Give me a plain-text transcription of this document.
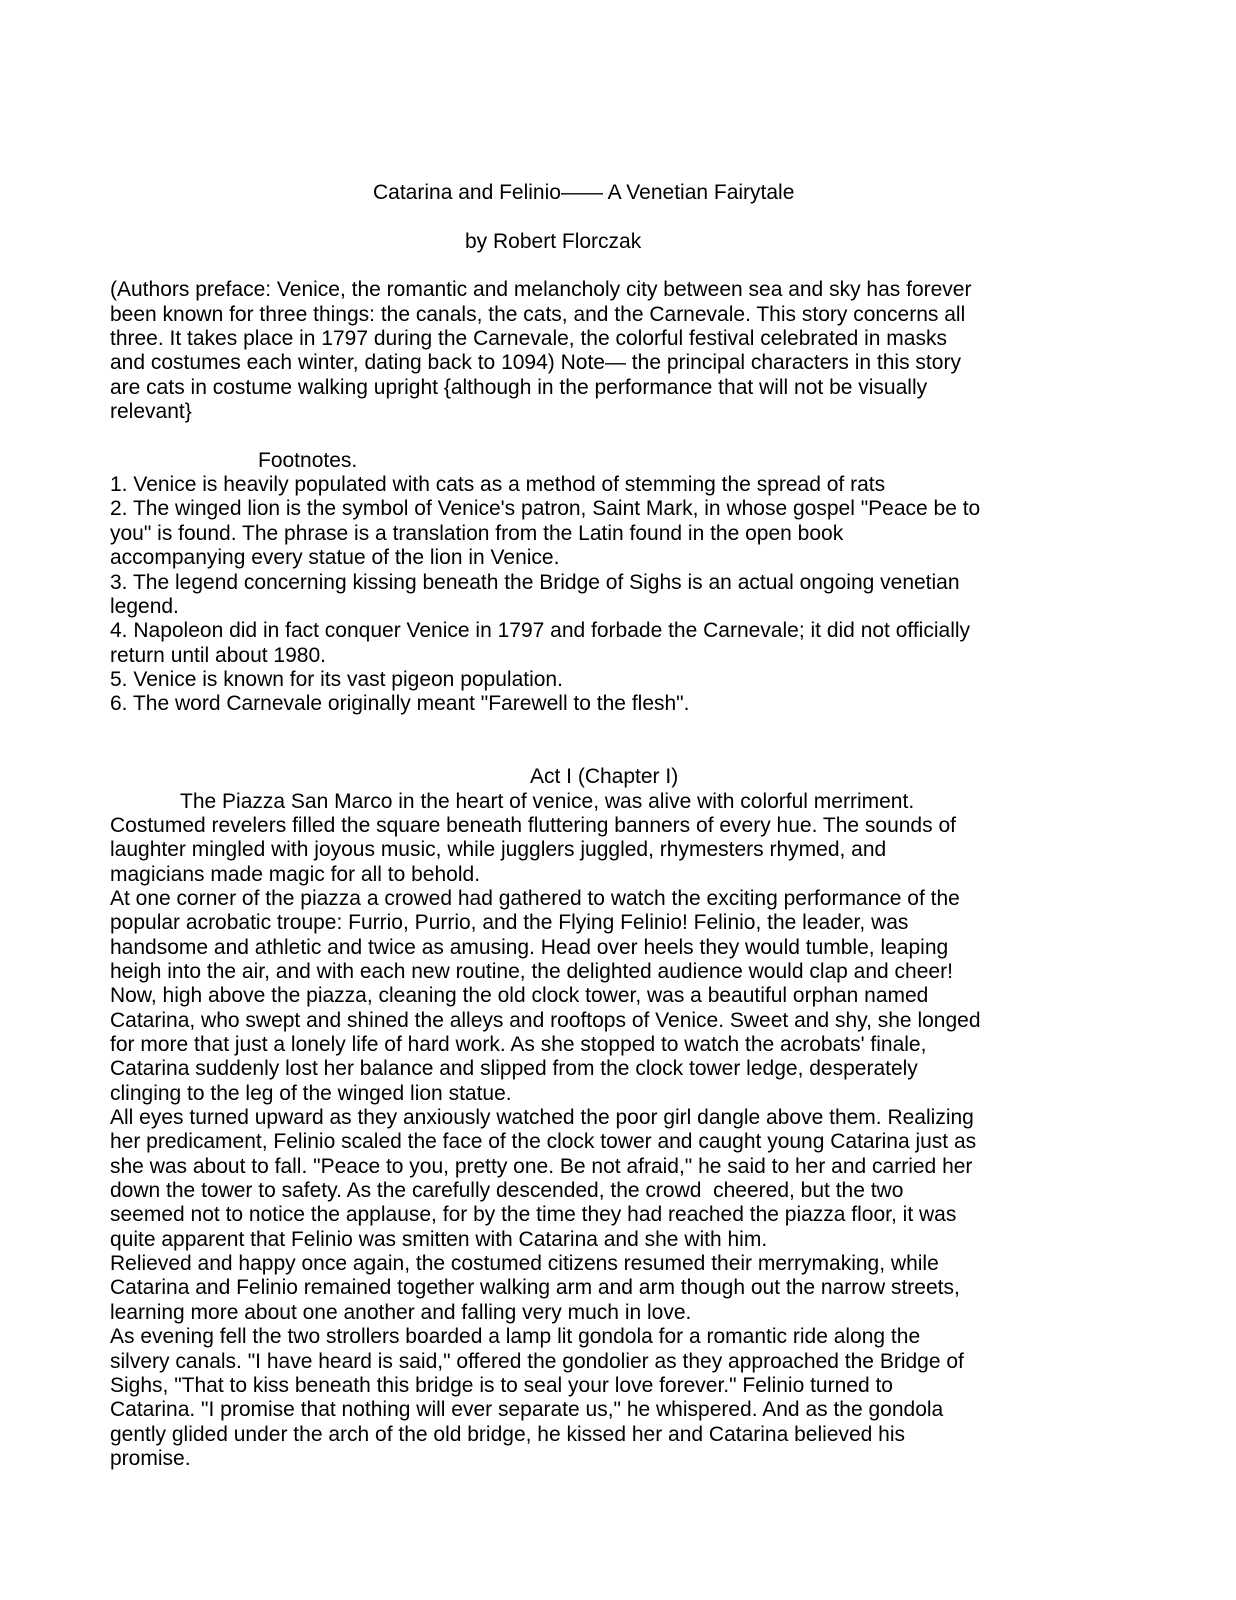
Catarina and Felinio—— A Venetian Fairytale
by Robert Florczak
(Authors preface: Venice, the romantic and melancholy city between sea and sky has forever
been known for three things: the canals, the cats, and the Carnevale. This story concerns all
three. It takes place in 1797 during the Carnevale, the colorful festival celebrated in masks
and costumes each winter, dating back to 1094) Note— the principal characters in this story
are cats in costume walking upright {although in the performance that will not be visually
relevant}
Footnotes.
1. Venice is heavily populated with cats as a method of stemming the spread of rats
2. The winged lion is the symbol of Venice's patron, Saint Mark, in whose gospel "Peace be to
you" is found. The phrase is a translation from the Latin found in the open book
accompanying every statue of the lion in Venice.
3. The legend concerning kissing beneath the Bridge of Sighs is an actual ongoing venetian
legend.
4. Napoleon did in fact conquer Venice in 1797 and forbade the Carnevale; it did not officially
return until about 1980.
5. Venice is known for its vast pigeon population.
6. The word Carnevale originally meant "Farewell to the flesh".
Act I (Chapter I)
The Piazza San Marco in the heart of venice, was alive with colorful merriment.
Costumed revelers filled the square beneath fluttering banners of every hue. The sounds of
laughter mingled with joyous music, while jugglers juggled, rhymesters rhymed, and
magicians made magic for all to behold.
At one corner of the piazza a crowed had gathered to watch the exciting performance of the
popular acrobatic troupe: Furrio, Purrio, and the Flying Felinio! Felinio, the leader, was
handsome and athletic and twice as amusing. Head over heels they would tumble, leaping
heigh into the air, and with each new routine, the delighted audience would clap and cheer!
Now, high above the piazza, cleaning the old clock tower, was a beautiful orphan named
Catarina, who swept and shined the alleys and rooftops of Venice. Sweet and shy, she longed
for more that just a lonely life of hard work. As she stopped to watch the acrobats' finale,
Catarina suddenly lost her balance and slipped from the clock tower ledge, desperately
clinging to the leg of the winged lion statue.
All eyes turned upward as they anxiously watched the poor girl dangle above them. Realizing
her predicament, Felinio scaled the face of the clock tower and caught young Catarina just as
she was about to fall. "Peace to you, pretty one. Be not afraid," he said to her and carried her
down the tower to safety. As the carefully descended, the crowd  cheered, but the two
seemed not to notice the applause, for by the time they had reached the piazza floor, it was
quite apparent that Felinio was smitten with Catarina and she with him.
Relieved and happy once again, the costumed citizens resumed their merrymaking, while
Catarina and Felinio remained together walking arm and arm though out the narrow streets,
learning more about one another and falling very much in love.
As evening fell the two strollers boarded a lamp lit gondola for a romantic ride along the
silvery canals. "I have heard is said," offered the gondolier as they approached the Bridge of
Sighs, "That to kiss beneath this bridge is to seal your love forever." Felinio turned to
Catarina. "I promise that nothing will ever separate us," he whispered. And as the gondola
gently glided under the arch of the old bridge, he kissed her and Catarina believed his
promise.
